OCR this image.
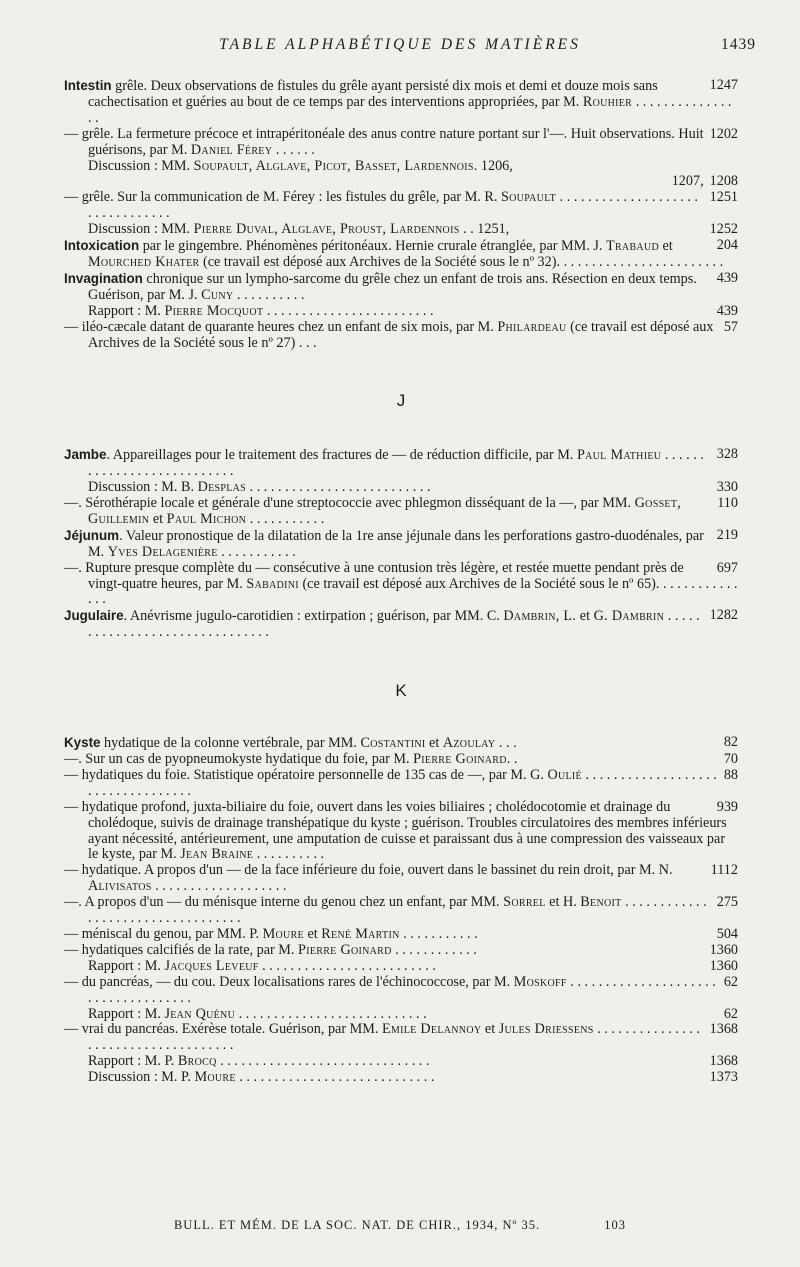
TABLE ALPHABÉTIQUE DES MATIÈRES	1439

1247
Intestin grêle. Deux observations de fistules du grêle ayant persisté dix mois et demi et douze mois sans cachectisation et guéries au bout de ce temps par des interventions appropriées, par M. Rouhier . . . . . . . . . . . . . . . .

1202
— grêle. La fermeture précoce et intrapéritonéale des anus contre nature portant sur l'—. Huit observations. Huit guérisons, par M. Daniel Férey . . . . . .

Discussion : MM. Soupault, Alglave, Picot, Basset, Lardennois. 1206,

1208
1207,

1251
— grêle. Sur la communication de M. Férey : les fistules du grêle, par M. R. Soupault . . . . . . . . . . . . . . . . . . . . . . . . . . . . . . . .

1252
Discussion : MM. Pierre Duval, Alglave, Proust, Lardennois . . 1251,

204
Intoxication par le gingembre. Phénomènes péritonéaux. Hernie crurale étranglée, par MM. J. Trabaud et Mourched Khater (ce travail est déposé aux Archives de la Société sous le nº 32). . . . . . . . . . . . . . . . . . . . . . . .

439
Invagination chronique sur un lympho-sarcome du grêle chez un enfant de trois ans. Résection en deux temps. Guérison, par M. J. Cuny . . . . . . . . . .

439
Rapport : M. Pierre Mocquot . . . . . . . . . . . . . . . . . . . . . . . .

57
— iléo-cæcale datant de quarante heures chez un enfant de six mois, par M. Philardeau (ce travail est déposé aux Archives de la Société sous le nº 27) . . .

J

328
Jambe. Appareillages pour le traitement des fractures de — de réduction difficile, par M. Paul Mathieu . . . . . . . . . . . . . . . . . . . . . . . . . . .

330
Discussion : M. B. Desplas . . . . . . . . . . . . . . . . . . . . . . . . . .

110
—. Sérothérapie locale et générale d'une streptococcie avec phlegmon disséquant de la —, par MM. Gosset, Guillemin et Paul Michon . . . . . . . . . . .

219
Jéjunum. Valeur pronostique de la dilatation de la 1re anse jéjunale dans les perforations gastro-duodénales, par M. Yves Delagenière . . . . . . . . . . .

697
—. Rupture presque complète du — consécutive à une contusion très légère, et restée muette pendant près de vingt-quatre heures, par M. Sabadini (ce travail est déposé aux Archives de la Société sous le nº 65). . . . . . . . . . . . . . .

1282
Jugulaire. Anévrisme jugulo-carotidien : extirpation ; guérison, par MM. C. Dambrin, L. et G. Dambrin . . . . . . . . . . . . . . . . . . . . . . . . . . . . . . .

K

82
Kyste hydatique de la colonne vertébrale, par MM. Costantini et Azoulay . . .

70
—. Sur un cas de pyopneumokyste hydatique du foie, par M. Pierre Goinard. .

88
— hydatiques du foie. Statistique opératoire personnelle de 135 cas de —, par M. G. Oulié . . . . . . . . . . . . . . . . . . . . . . . . . . . . . . . . . .

939
— hydatique profond, juxta-biliaire du foie, ouvert dans les voies biliaires ; cholédocotomie et drainage du cholédoque, suivis de drainage transhépatique du kyste ; guérison. Troubles circulatoires des membres inférieurs ayant nécessité, antérieurement, une amputation de cuisse et paraissant dus à une compression des vaisseaux par le kyste, par M. Jean Braine . . . . . . . . . .

1112
— hydatique. A propos d'un — de la face inférieure du foie, ouvert dans le bassinet du rein droit, par M. N. Alivisatos . . . . . . . . . . . . . . . . . . .

275
—. A propos d'un — du ménisque interne du genou chez un enfant, par MM. Sorrel et H. Benoit . . . . . . . . . . . . . . . . . . . . . . . . . . . . . . . . . .

504
— méniscal du genou, par MM. P. Moure et René Martin . . . . . . . . . . .

1360
— hydatiques calcifiés de la rate, par M. Pierre Goinard . . . . . . . . . . . .

1360
Rapport : M. Jacques Leveuf . . . . . . . . . . . . . . . . . . . . . . . . .

62
— du pancréas, — du cou. Deux localisations rares de l'échinococcose, par M. Moskoff . . . . . . . . . . . . . . . . . . . . . . . . . . . . . . . . . . . .

62
Rapport : M. Jean Quénu . . . . . . . . . . . . . . . . . . . . . . . . . . .

1368
— vrai du pancréas. Exérèse totale. Guérison, par MM. Emile Delannoy et Jules Driessens . . . . . . . . . . . . . . . . . . . . . . . . . . . . . . . . . . . .

1368
Rapport : M. P. Brocq . . . . . . . . . . . . . . . . . . . . . . . . . . . . . .

1373
Discussion : M. P. Moure . . . . . . . . . . . . . . . . . . . . . . . . . . . .

BULL. ET MÉM. DE LA SOC. NAT. DE CHIR., 1934, Nº 35.	103
